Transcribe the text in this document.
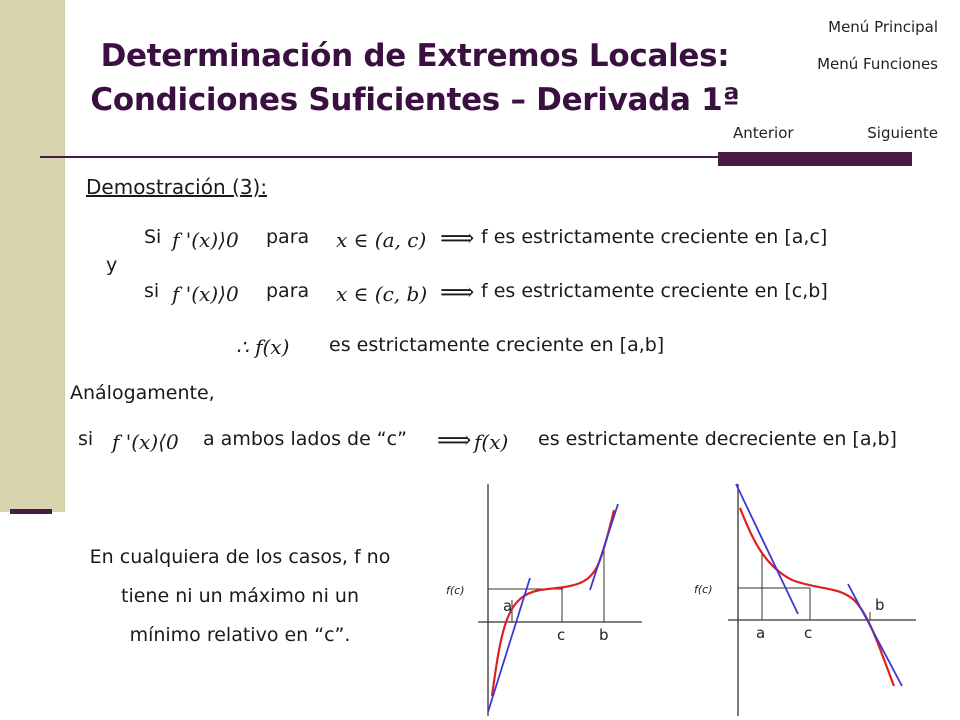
Determinación de Extremos Locales:
Condiciones Suficientes – Derivada 1ª
Menú Principal
Menú Funciones
Anterior	Siguiente
Demostración (3):
Si f '(x)⟩0 para x ∈ (a, c) ⟹ f es estrictamente creciente en [a,c]
y
si f '(x)⟩0 para x ∈ (c, b) ⟹ f es estrictamente creciente en [c,b]
∴ f(x) es estrictamente creciente en [a,b]
Análogamente,
si f '(x)⟨0 a ambos lados de “c” ⟹ f(x) es estrictamente decreciente en [a,b]
En cualquiera de los casos, f no
tiene ni un máximo ni un
mínimo relativo en “c”.
f(c)
a
c b
f(c)
a	c
b
